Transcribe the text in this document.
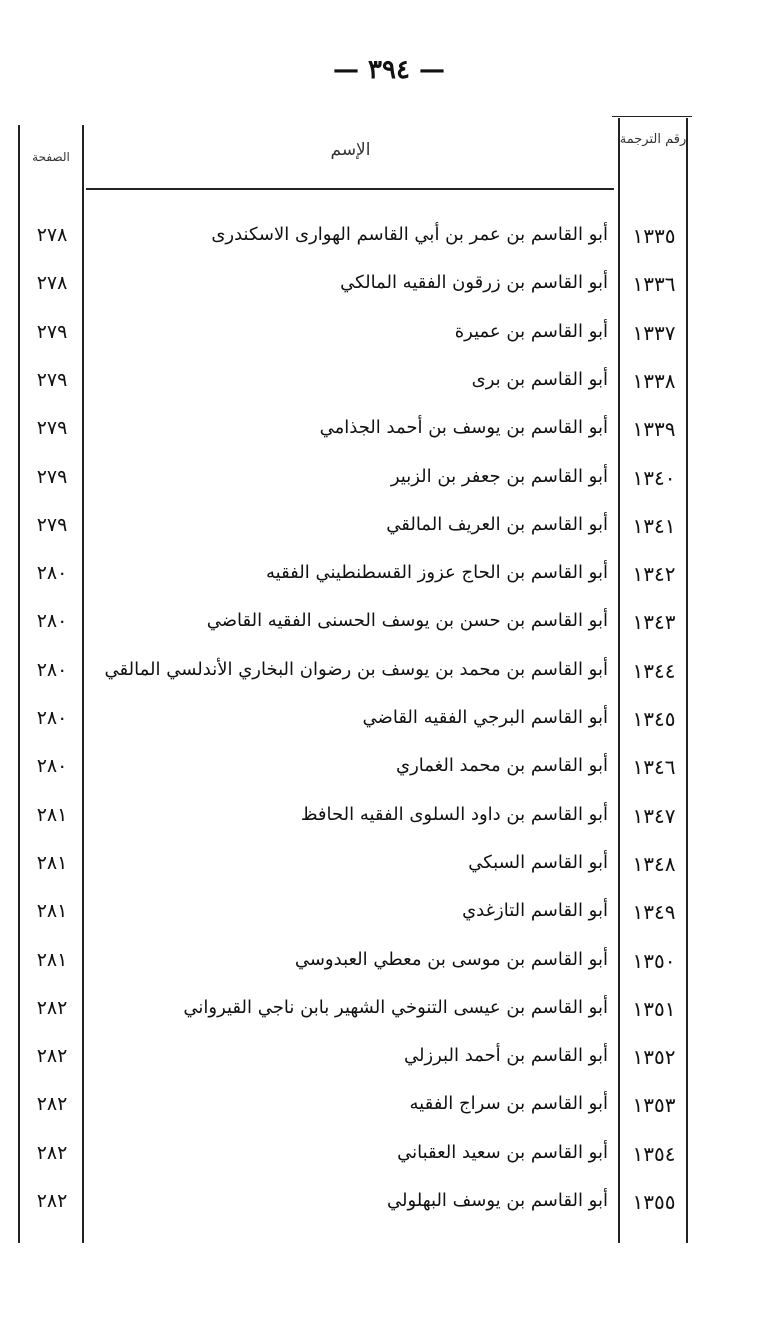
— ٣٩٤ —
رقم الترجمة
الإسم
الصفحة
١٣٣٥
أبو القاسم بن عمر بن أبي القاسم الهوارى الاسكندرى
٢٧٨
١٣٣٦
أبو القاسم بن زرقون الفقيه المالكي
٢٧٨
١٣٣٧
أبو القاسم بن عميرة
٢٧٩
١٣٣٨
أبو القاسم بن برى
٢٧٩
١٣٣٩
أبو القاسم بن يوسف بن أحمد الجذامي
٢٧٩
١٣٤٠
أبو القاسم بن جعفر بن الزبير
٢٧٩
١٣٤١
أبو القاسم بن العريف المالقي
٢٧٩
١٣٤٢
أبو القاسم بن الحاج عزوز القسطنطيني الفقيه
٢٨٠
١٣٤٣
أبو القاسم بن حسن بن يوسف الحسنى الفقيه القاضي
٢٨٠
١٣٤٤
أبو القاسم بن محمد بن يوسف بن رضوان البخاري الأندلسي المالقي
٢٨٠
١٣٤٥
أبو القاسم البرجي الفقيه القاضي
٢٨٠
١٣٤٦
أبو القاسم بن محمد الغماري
٢٨٠
١٣٤٧
أبو القاسم بن داود السلوى الفقيه الحافظ
٢٨١
١٣٤٨
أبو القاسم السبكي
٢٨١
١٣٤٩
أبو القاسم التازغدي
٢٨١
١٣٥٠
أبو القاسم بن موسى بن معطي العبدوسي
٢٨١
١٣٥١
أبو القاسم بن عيسى التنوخي الشهير بابن ناجي القيرواني
٢٨٢
١٣٥٢
أبو القاسم بن أحمد البرزلي
٢٨٢
١٣٥٣
أبو القاسم بن سراج الفقيه
٢٨٢
١٣٥٤
أبو القاسم بن سعيد العقباني
٢٨٢
١٣٥٥
أبو القاسم بن يوسف البهلولي
٢٨٢
